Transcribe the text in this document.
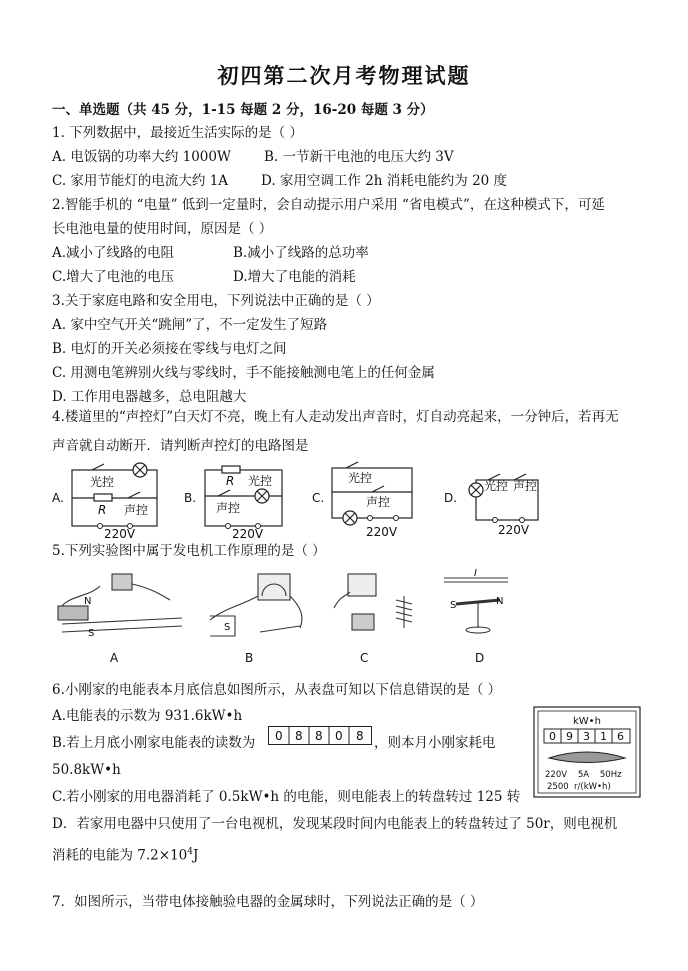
初四第二次月考物理试题
一、单选题（共 45 分，1-15 每题 2 分，16-20 每题 3 分）
1. 下列数据中，最接近生活实际的是（ ）
A. 电饭锅的功率大约 1000W B. 一节新干电池的电压大约 3V
C. 家用节能灯的电流大约 1A D. 家用空调工作 2h 消耗电能约为 20 度
2.智能手机的 “电量” 低到一定量时，会自动提示用户采用 “省电模式”，在这种模式下，可延
长电池电量的使用时间，原因是（ ）
A.减小了线路的电阻	B.减小了线路的总功率
C.增大了电池的电压	D.增大了电能的消耗
3.关于家庭电路和安全用电，下列说法中正确的是（ ）
A. 家中空气开关“跳闸”了，不一定发生了短路
B. 电灯的开关必须接在零线与电灯之间
C. 用测电笔辨别火线与零线时，手不能接触测电笔上的任何金属
D. 工作用电器越多，总电阻越大
4.楼道里的“声控灯”白天灯不亮，晚上有人走动发出声音时，灯自动亮起来，一分钟后，若再无
声音就自动断开．请判断声控灯的电路图是
A.
光控
R 声控
220V
B.
R 光控
声控
220V
C.
光控
声控
220V
D.
光控 声控
220V
5.下列实验图中属于发电机工作原理的是（ ）
N
S
S
S	N
I
A	B	C	D
6.小刚家的电能表本月底信息如图所示，从表盘可知以下信息错误的是（ ）
A.电能表的示数为 931.6kW•h
B.若上月底小刚家电能表的读数为 0 8 8 0 8 ，则本月小刚家耗电
50.8kW•h
C.若小刚家的用电器消耗了 0.5kW•h 的电能，则电能表上的转盘转过 125 转
D．若家用电器中只使用了一台电视机，发现某段时间内电能表上的转盘转过了 50r，则电视机
消耗的电能为 $7.2\times 10^4J$
kW•h
0 9 3 1 6
220V    5A    50Hz
2500  r/(kW•h)
7．如图所示，当带电体接触验电器的金属球时，下列说法正确的是（ ）
